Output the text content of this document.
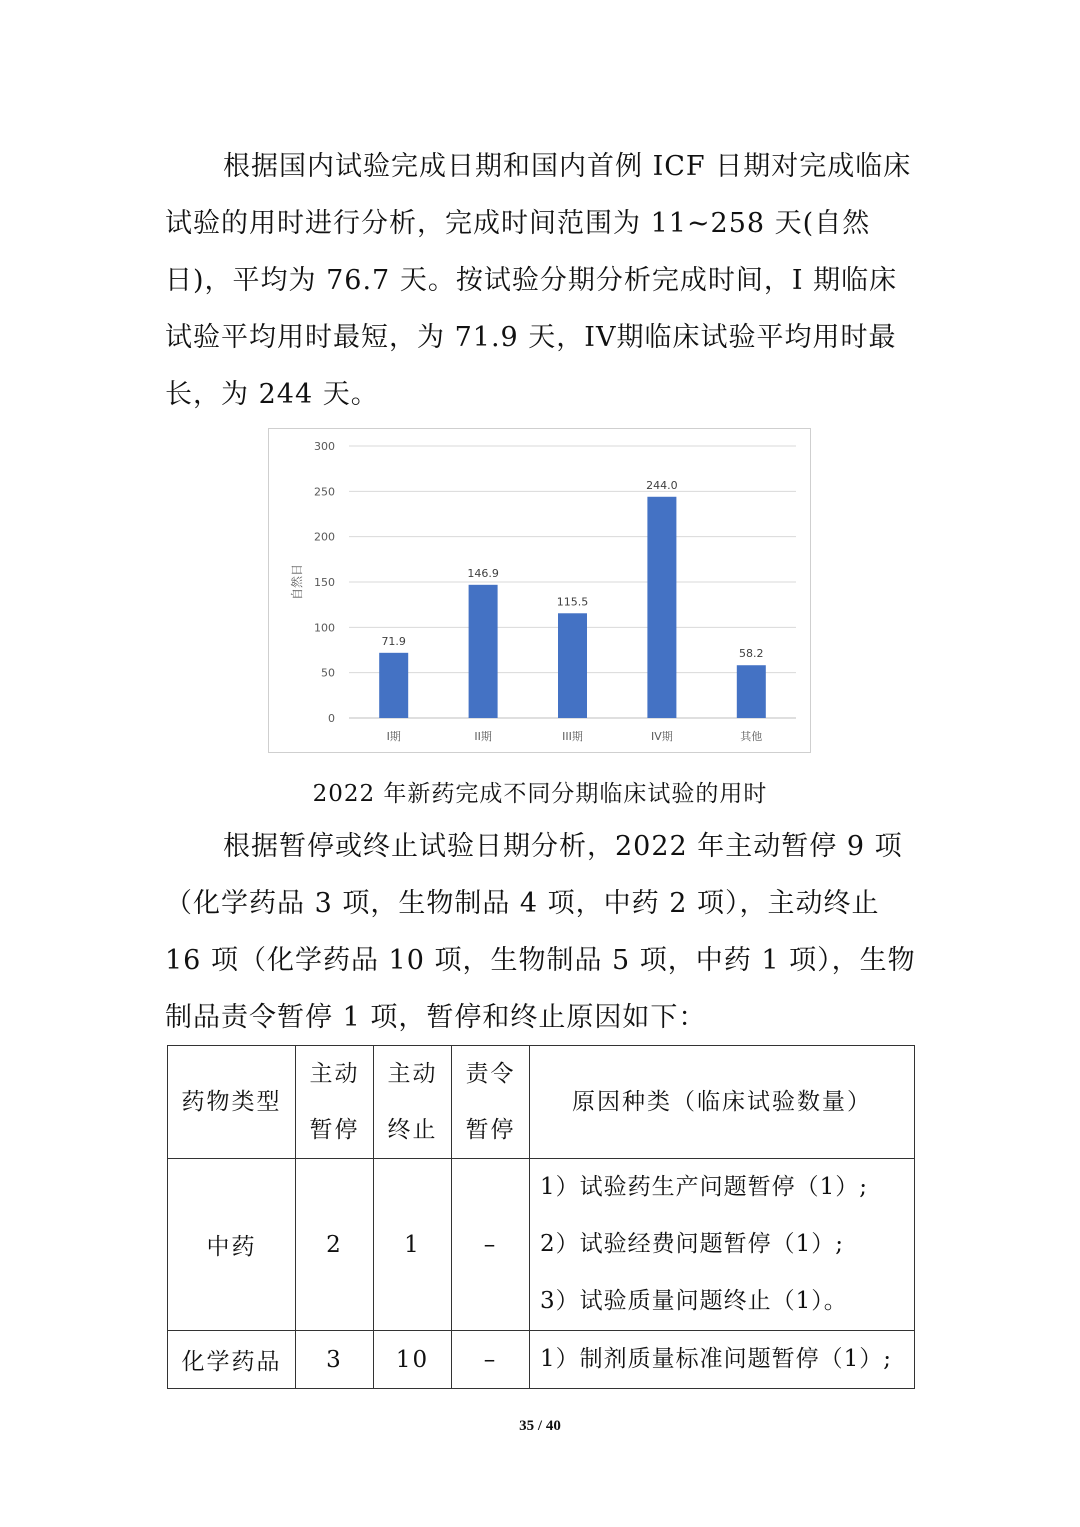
根据国内试验完成日期和国内首例 ICF 日期对完成临床试验的用时进行分析，完成时间范围为 11~258 天(自然日)，平均为 76.7 天。按试验分期分析完成时间，I 期临床试验平均用时最短，为 71.9 天，IV期临床试验平均用时最长，为 244 天。

0
50
100
150
200
250
300
71.9
I期
146.9
II期
115.5
III期
244.0
IV期
58.2
其他
自然日
2022 年新药完成不同分期临床试验的用时

根据暂停或终止试验日期分析，2022 年主动暂停 9 项（化学药品 3 项，生物制品 4 项，中药 2 项），主动终止 16 项（化学药品 10 项，生物制品 5 项，中药 1 项），生物制品责令暂停 1 项，暂停和终止原因如下：

药物类型	主动暂停	主动终止	责令暂停	原因种类（临床试验数量）
中药	2	1	–	1）试验药生产问题暂停（1）;
2）试验经费问题暂停（1）;
3）试验质量问题终止（1）。

化学药品	3	10	–	1）制剂质量标准问题暂停（1）;
35 / 40
